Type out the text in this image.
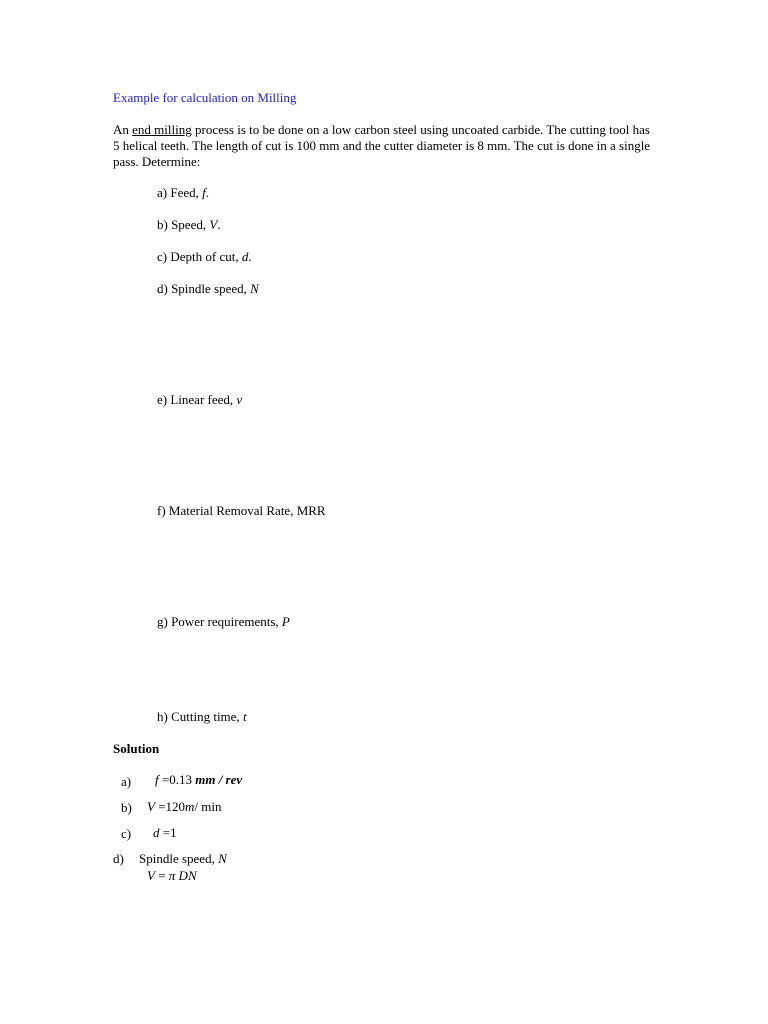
Example for calculation on Milling
An end milling process is to be done on a low carbon steel using uncoated carbide. The cutting tool has 5 helical teeth. The length of cut is 100 mm and the cutter diameter is 8 mm. The cut is done in a single pass. Determine:
a) Feed, f.
b) Speed, V.
c) Depth of cut, d.
d) Spindle speed, N
e) Linear feed, v
f) Material Removal Rate, MRR
g) Power requirements, P
h) Cutting time, t
Solution
a) f =0.13 mm / rev
b) V =120m/ min
c) d =1
d) Spindle speed, N
V = π DN
